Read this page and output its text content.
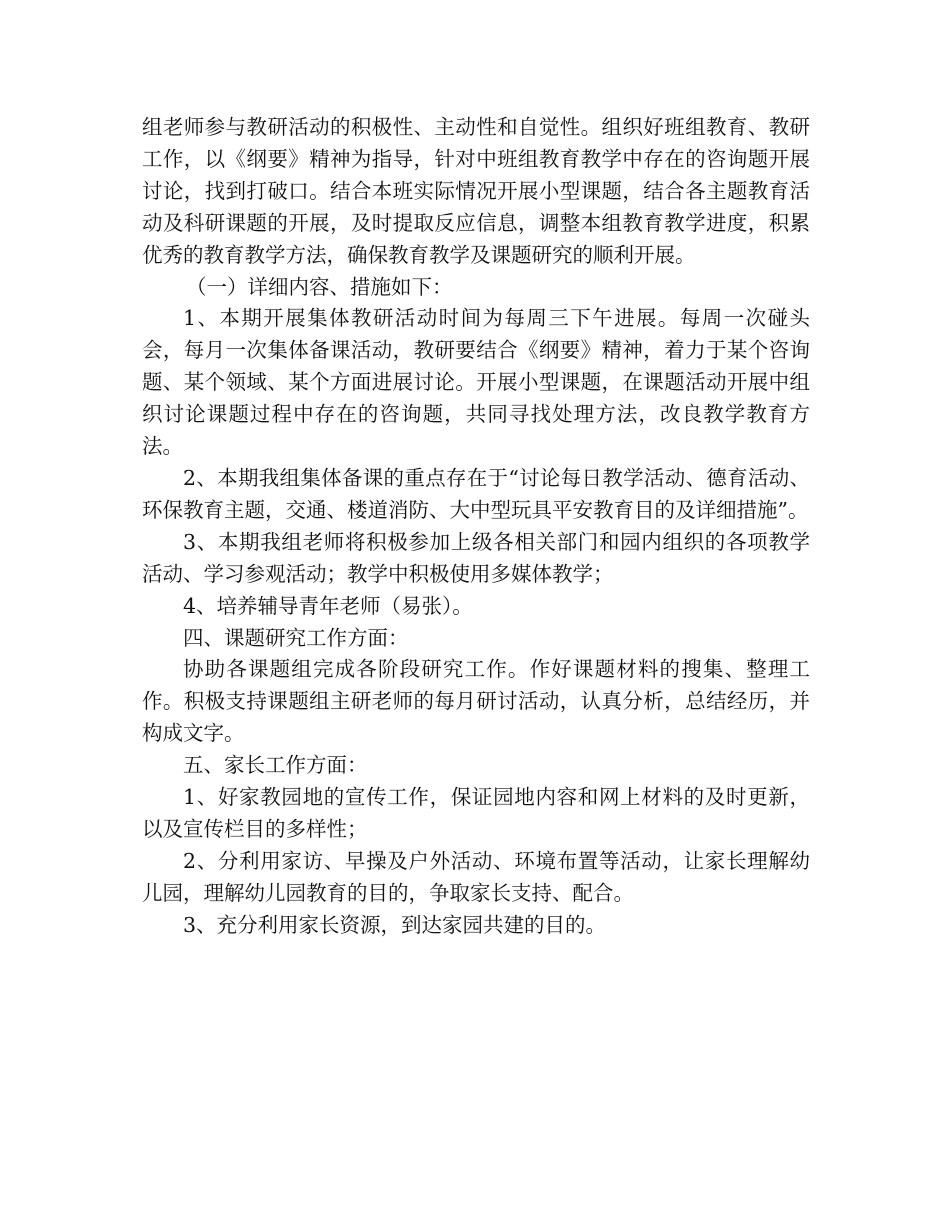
组老师参与教研活动的积极性、主动性和自觉性。组织好班组教育、教研工作，以《纲要》精神为指导，针对中班组教育教学中存在的咨询题开展讨论，找到打破口。结合本班实际情况开展小型课题，结合各主题教育活动及科研课题的开展，及时提取反应信息，调整本组教育教学进度，积累优秀的教育教学方法，确保教育教学及课题研究的顺利开展。

（一）详细内容、措施如下：

1、本期开展集体教研活动时间为每周三下午进展。每周一次碰头会，每月一次集体备课活动，教研要结合《纲要》精神，着力于某个咨询题、某个领域、某个方面进展讨论。开展小型课题，在课题活动开展中组织讨论课题过程中存在的咨询题，共同寻找处理方法，改良教学教育方法。

2、本期我组集体备课的重点存在于“讨论每日教学活动、德育活动、环保教育主题，交通、楼道消防、大中型玩具平安教育目的及详细措施”。

3、本期我组老师将积极参加上级各相关部门和园内组织的各项教学活动、学习参观活动；教学中积极使用多媒体教学；

4、培养辅导青年老师（易张）。

四、课题研究工作方面：

协助各课题组完成各阶段研究工作。作好课题材料的搜集、整理工作。积极支持课题组主研老师的每月研讨活动，认真分析，总结经历，并构成文字。

五、家长工作方面：

1、好家教园地的宣传工作，保证园地内容和网上材料的及时更新，以及宣传栏目的多样性；

2、分利用家访、早操及户外活动、环境布置等活动，让家长理解幼儿园，理解幼儿园教育的目的，争取家长支持、配合。

3、充分利用家长资源，到达家园共建的目的。
